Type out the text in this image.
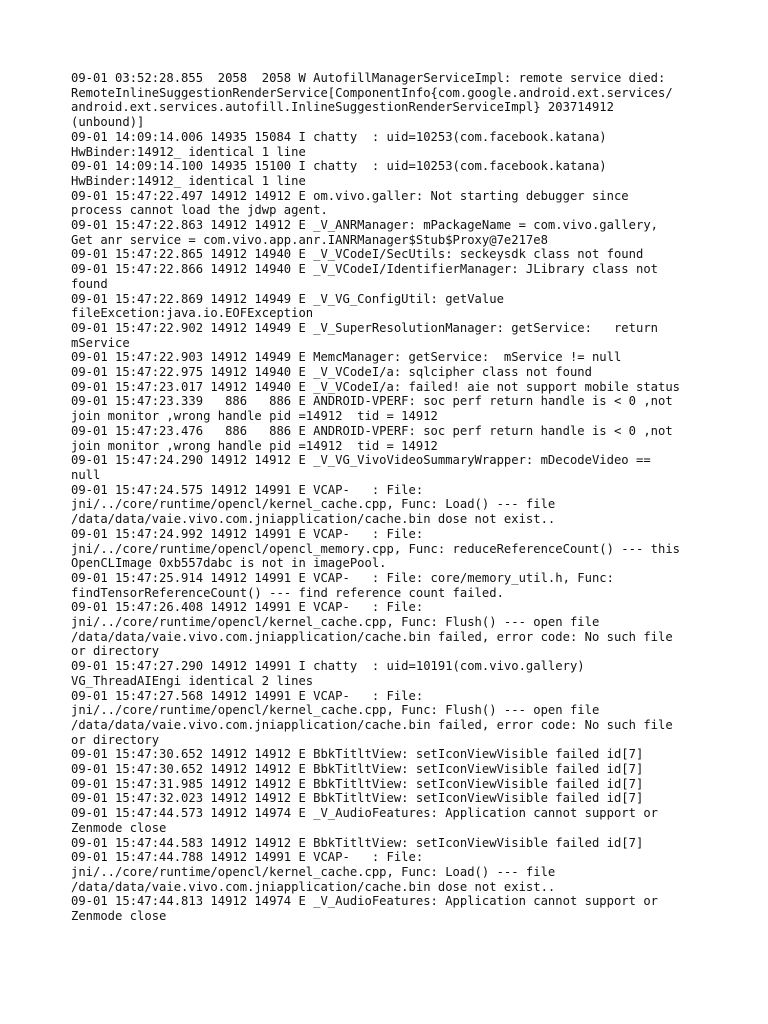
09-01 03:52:28.855  2058  2058 W AutofillManagerServiceImpl: remote service died:
RemoteInlineSuggestionRenderService[ComponentInfo{com.google.android.ext.services/
android.ext.services.autofill.InlineSuggestionRenderServiceImpl} 203714912
(unbound)]
09-01 14:09:14.006 14935 15084 I chatty  : uid=10253(com.facebook.katana)
HwBinder:14912_ identical 1 line
09-01 14:09:14.100 14935 15100 I chatty  : uid=10253(com.facebook.katana)
HwBinder:14912_ identical 1 line
09-01 15:47:22.497 14912 14912 E om.vivo.galler: Not starting debugger since
process cannot load the jdwp agent.
09-01 15:47:22.863 14912 14912 E _V_ANRManager: mPackageName = com.vivo.gallery,
Get anr service = com.vivo.app.anr.IANRManager$Stub$Proxy@7e217e8
09-01 15:47:22.865 14912 14940 E _V_VCodeI/SecUtils: seckeysdk class not found
09-01 15:47:22.866 14912 14940 E _V_VCodeI/IdentifierManager: JLibrary class not
found
09-01 15:47:22.869 14912 14949 E _V_VG_ConfigUtil: getValue
fileExcetion:java.io.EOFException
09-01 15:47:22.902 14912 14949 E _V_SuperResolutionManager: getService:   return
mService
09-01 15:47:22.903 14912 14949 E MemcManager: getService:  mService != null
09-01 15:47:22.975 14912 14940 E _V_VCodeI/a: sqlcipher class not found
09-01 15:47:23.017 14912 14940 E _V_VCodeI/a: failed! aie not support mobile status
09-01 15:47:23.339   886   886 E ANDROID-VPERF: soc perf return handle is < 0 ,not
join monitor ,wrong handle pid =14912  tid = 14912
09-01 15:47:23.476   886   886 E ANDROID-VPERF: soc perf return handle is < 0 ,not
join monitor ,wrong handle pid =14912  tid = 14912
09-01 15:47:24.290 14912 14912 E _V_VG_VivoVideoSummaryWrapper: mDecodeVideo ==
null
09-01 15:47:24.575 14912 14991 E VCAP-   : File:
jni/../core/runtime/opencl/kernel_cache.cpp, Func: Load() --- file
/data/data/vaie.vivo.com.jniapplication/cache.bin dose not exist..
09-01 15:47:24.992 14912 14991 E VCAP-   : File:
jni/../core/runtime/opencl/opencl_memory.cpp, Func: reduceReferenceCount() --- this
OpenCLImage 0xb557dabc is not in imagePool.
09-01 15:47:25.914 14912 14991 E VCAP-   : File: core/memory_util.h, Func:
findTensorReferenceCount() --- find reference count failed.
09-01 15:47:26.408 14912 14991 E VCAP-   : File:
jni/../core/runtime/opencl/kernel_cache.cpp, Func: Flush() --- open file
/data/data/vaie.vivo.com.jniapplication/cache.bin failed, error code: No such file
or directory
09-01 15:47:27.290 14912 14991 I chatty  : uid=10191(com.vivo.gallery)
VG_ThreadAIEngi identical 2 lines
09-01 15:47:27.568 14912 14991 E VCAP-   : File:
jni/../core/runtime/opencl/kernel_cache.cpp, Func: Flush() --- open file
/data/data/vaie.vivo.com.jniapplication/cache.bin failed, error code: No such file
or directory
09-01 15:47:30.652 14912 14912 E BbkTitltView: setIconViewVisible failed id[7]
09-01 15:47:30.652 14912 14912 E BbkTitltView: setIconViewVisible failed id[7]
09-01 15:47:31.985 14912 14912 E BbkTitltView: setIconViewVisible failed id[7]
09-01 15:47:32.023 14912 14912 E BbkTitltView: setIconViewVisible failed id[7]
09-01 15:47:44.573 14912 14974 E _V_AudioFeatures: Application cannot support or
Zenmode close
09-01 15:47:44.583 14912 14912 E BbkTitltView: setIconViewVisible failed id[7]
09-01 15:47:44.788 14912 14991 E VCAP-   : File:
jni/../core/runtime/opencl/kernel_cache.cpp, Func: Load() --- file
/data/data/vaie.vivo.com.jniapplication/cache.bin dose not exist..
09-01 15:47:44.813 14912 14974 E _V_AudioFeatures: Application cannot support or
Zenmode close
